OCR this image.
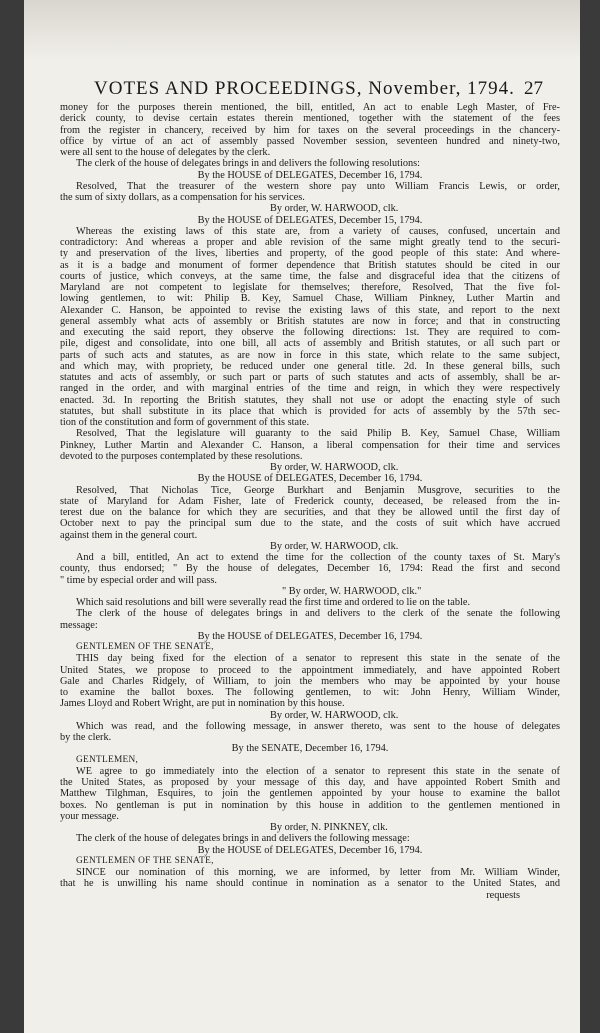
VOTES AND PROCEEDINGS, November, 1794. 27
money for the purposes therein mentioned, the bill, entitled, An act to enable Legh Master, of Fre-
derick county, to devise certain estates therein mentioned, together with the statement of the fees
from the register in chancery, received by him for taxes on the several proceedings in the chancery-
office by virtue of an act of assembly passed November session, seventeen hundred and ninety-two,
were all sent to the house of delegates by the clerk.
The clerk of the house of delegates brings in and delivers the following resolutions:
By the HOUSE of DELEGATES, December 16, 1794.
Resolved, That the treasurer of the western shore pay unto William Francis Lewis, or order,
the sum of sixty dollars, as a compensation for his services.
By order, W. HARWOOD, clk.
By the HOUSE of DELEGATES, December 15, 1794.
Whereas the existing laws of this state are, from a variety of causes, confused, uncertain and
contradictory: And whereas a proper and able revision of the same might greatly tend to the securi-
ty and preservation of the lives, liberties and property, of the good people of this state: And where-
as it is a badge and monument of former dependence that British statutes should be cited in our
courts of justice, which conveys, at the same time, the false and disgraceful idea that the citizens of
Maryland are not competent to legislate for themselves; therefore, Resolved, That the five fol-
lowing gentlemen, to wit: Philip B. Key, Samuel Chase, William Pinkney, Luther Martin and
Alexander C. Hanson, be appointed to revise the existing laws of this state, and report to the next
general assembly what acts of assembly or British statutes are now in force; and that in constructing
and executing the said report, they observe the following directions: 1st. They are required to com-
pile, digest and consolidate, into one bill, all acts of assembly and British statutes, or all such part or
parts of such acts and statutes, as are now in force in this state, which relate to the same subject,
and which may, with propriety, be reduced under one general title. 2d. In these general bills, such
statutes and acts of assembly, or such part or parts of such statutes and acts of assembly, shall be ar-
ranged in the order, and with marginal entries of the time and reign, in which they were respectively
enacted. 3d. In reporting the British statutes, they shall not use or adopt the enacting style of such
statutes, but shall substitute in its place that which is provided for acts of assembly by the 57th sec-
tion of the constitution and form of government of this state.
Resolved, That the legislature will guaranty to the said Philip B. Key, Samuel Chase, William
Pinkney, Luther Martin and Alexander C. Hanson, a liberal compensation for their time and services
devoted to the purposes contemplated by these resolutions.
By order, W. HARWOOD, clk.
By the HOUSE of DELEGATES, December 16, 1794.
Resolved, That Nicholas Tice, George Burkhart and Benjamin Musgrove, securities to the
state of Maryland for Adam Fisher, late of Frederick county, deceased, be released from the in-
terest due on the balance for which they are securities, and that they be allowed until the first day of
October next to pay the principal sum due to the state, and the costs of suit which have accrued
against them in the general court.
By order, W. HARWOOD, clk.
And a bill, entitled, An act to extend the time for the collection of the county taxes of St. Mary's
county, thus endorsed; " By the house of delegates, December 16, 1794: Read the first and second
" time by especial order and will pass.
" By order, W. HARWOOD, clk."
Which said resolutions and bill were severally read the first time and ordered to lie on the table.
The clerk of the house of delegates brings in and delivers to the clerk of the senate the following
message:
By the HOUSE of DELEGATES, December 16, 1794.
GENTLEMEN OF THE SENATE,
THIS day being fixed for the election of a senator to represent this state in the senate of the
United States, we propose to proceed to the appointment immediately, and have appointed Robert
Gale and Charles Ridgely, of William, to join the members who may be appointed by your house
to examine the ballot boxes. The following gentlemen, to wit: John Henry, William Winder,
James Lloyd and Robert Wright, are put in nomination by this house.
By order, W. HARWOOD, clk.
Which was read, and the following message, in answer thereto, was sent to the house of delegates
by the clerk.
By the SENATE, December 16, 1794.
GENTLEMEN,
WE agree to go immediately into the election of a senator to represent this state in the senate of
the United States, as proposed by your message of this day, and have appointed Robert Smith and
Matthew Tilghman, Esquires, to join the gentlemen appointed by your house to examine the ballot
boxes. No gentleman is put in nomination by this house in addition to the gentlemen mentioned in
your message.
By order, N. PINKNEY, clk.
The clerk of the house of delegates brings in and delivers the following message:
By the HOUSE of DELEGATES, December 16, 1794.
GENTLEMEN OF THE SENATE,
SINCE our nomination of this morning, we are informed, by letter from Mr. William Winder,
that he is unwilling his name should continue in nomination as a senator to the United States, and
requests
